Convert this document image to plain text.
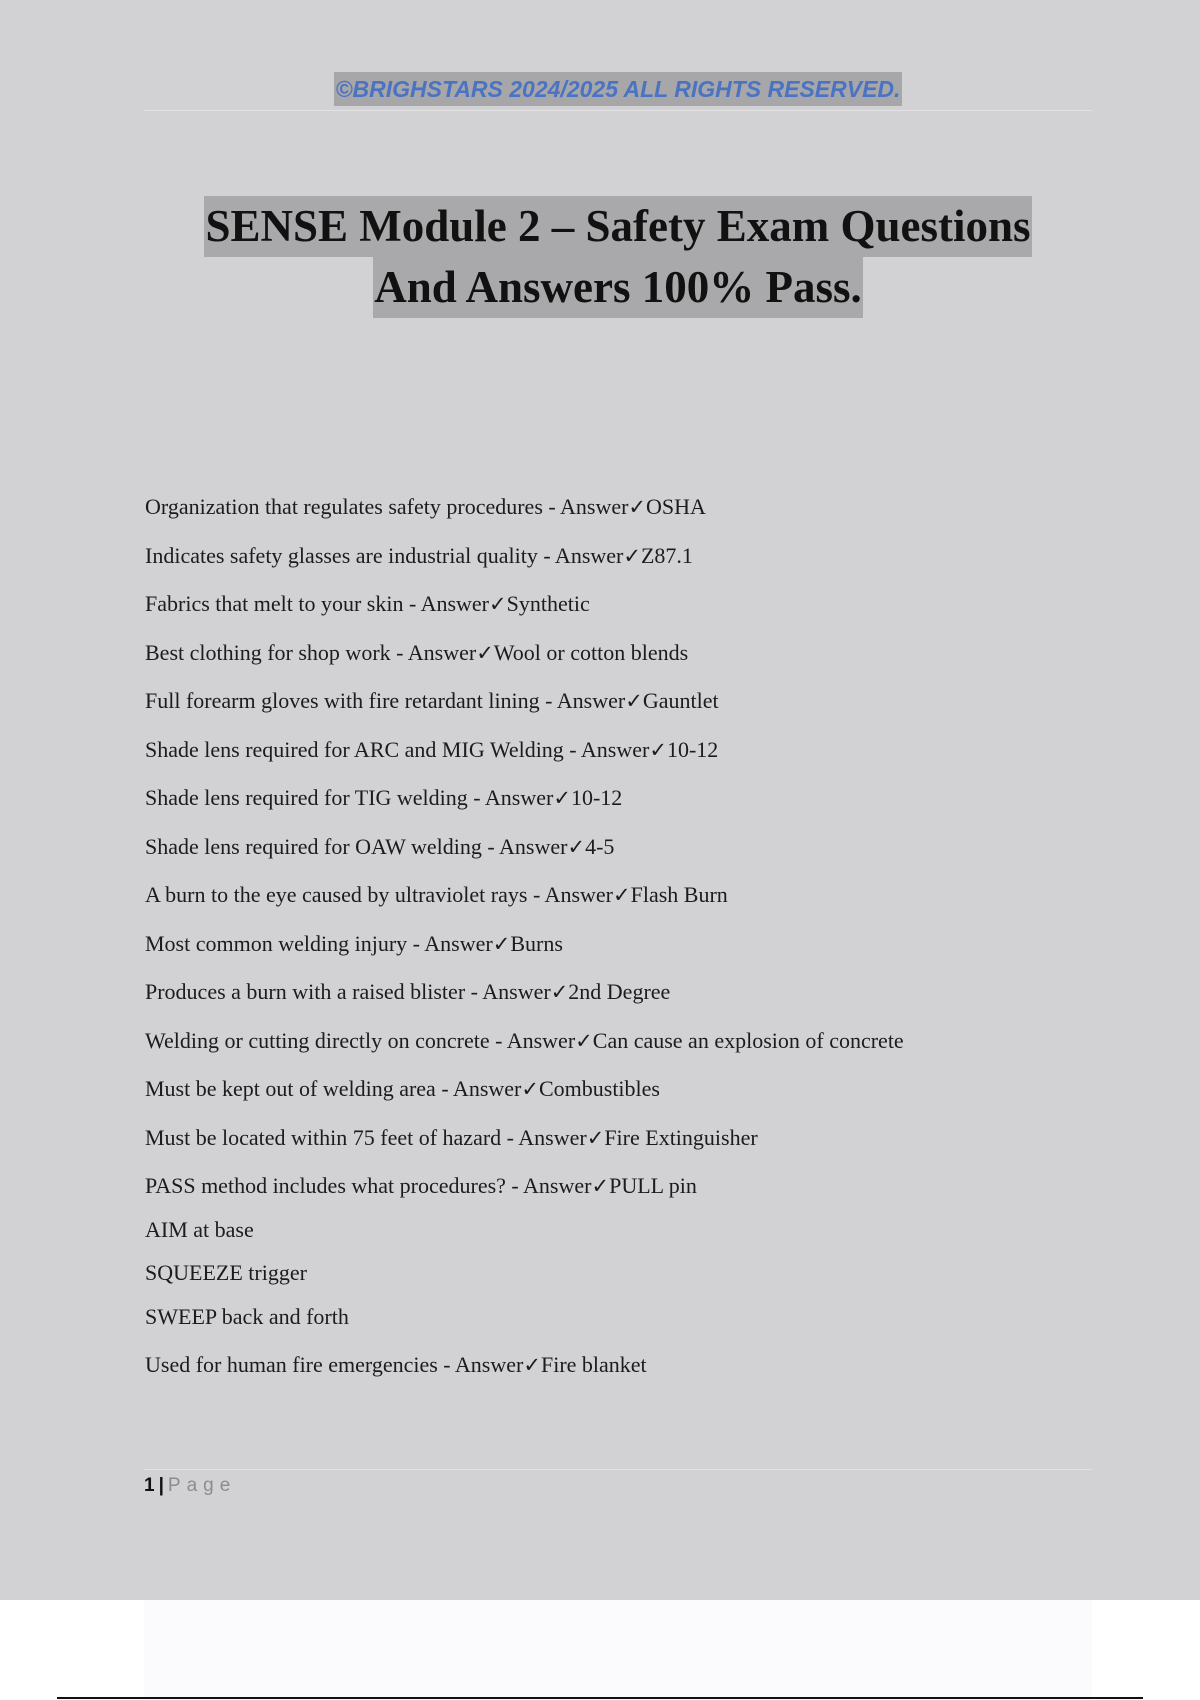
©BRIGHSTARS 2024/2025 ALL RIGHTS RESERVED.
SENSE Module 2 – Safety Exam Questions
And Answers 100% Pass.
Organization that regulates safety procedures - Answer✓OSHA
Indicates safety glasses are industrial quality - Answer✓Z87.1
Fabrics that melt to your skin - Answer✓Synthetic
Best clothing for shop work - Answer✓Wool or cotton blends
Full forearm gloves with fire retardant lining - Answer✓Gauntlet
Shade lens required for ARC and MIG Welding - Answer✓10-12
Shade lens required for TIG welding - Answer✓10-12
Shade lens required for OAW welding - Answer✓4-5
A burn to the eye caused by ultraviolet rays - Answer✓Flash Burn
Most common welding injury - Answer✓Burns
Produces a burn with a raised blister - Answer✓2nd Degree
Welding or cutting directly on concrete - Answer✓Can cause an explosion of concrete
Must be kept out of welding area - Answer✓Combustibles
Must be located within 75 feet of hazard - Answer✓Fire Extinguisher
PASS method includes what procedures? - Answer✓PULL pin
AIM at base
SQUEEZE trigger
SWEEP back and forth
Used for human fire emergencies - Answer✓Fire blanket
1 | Page
